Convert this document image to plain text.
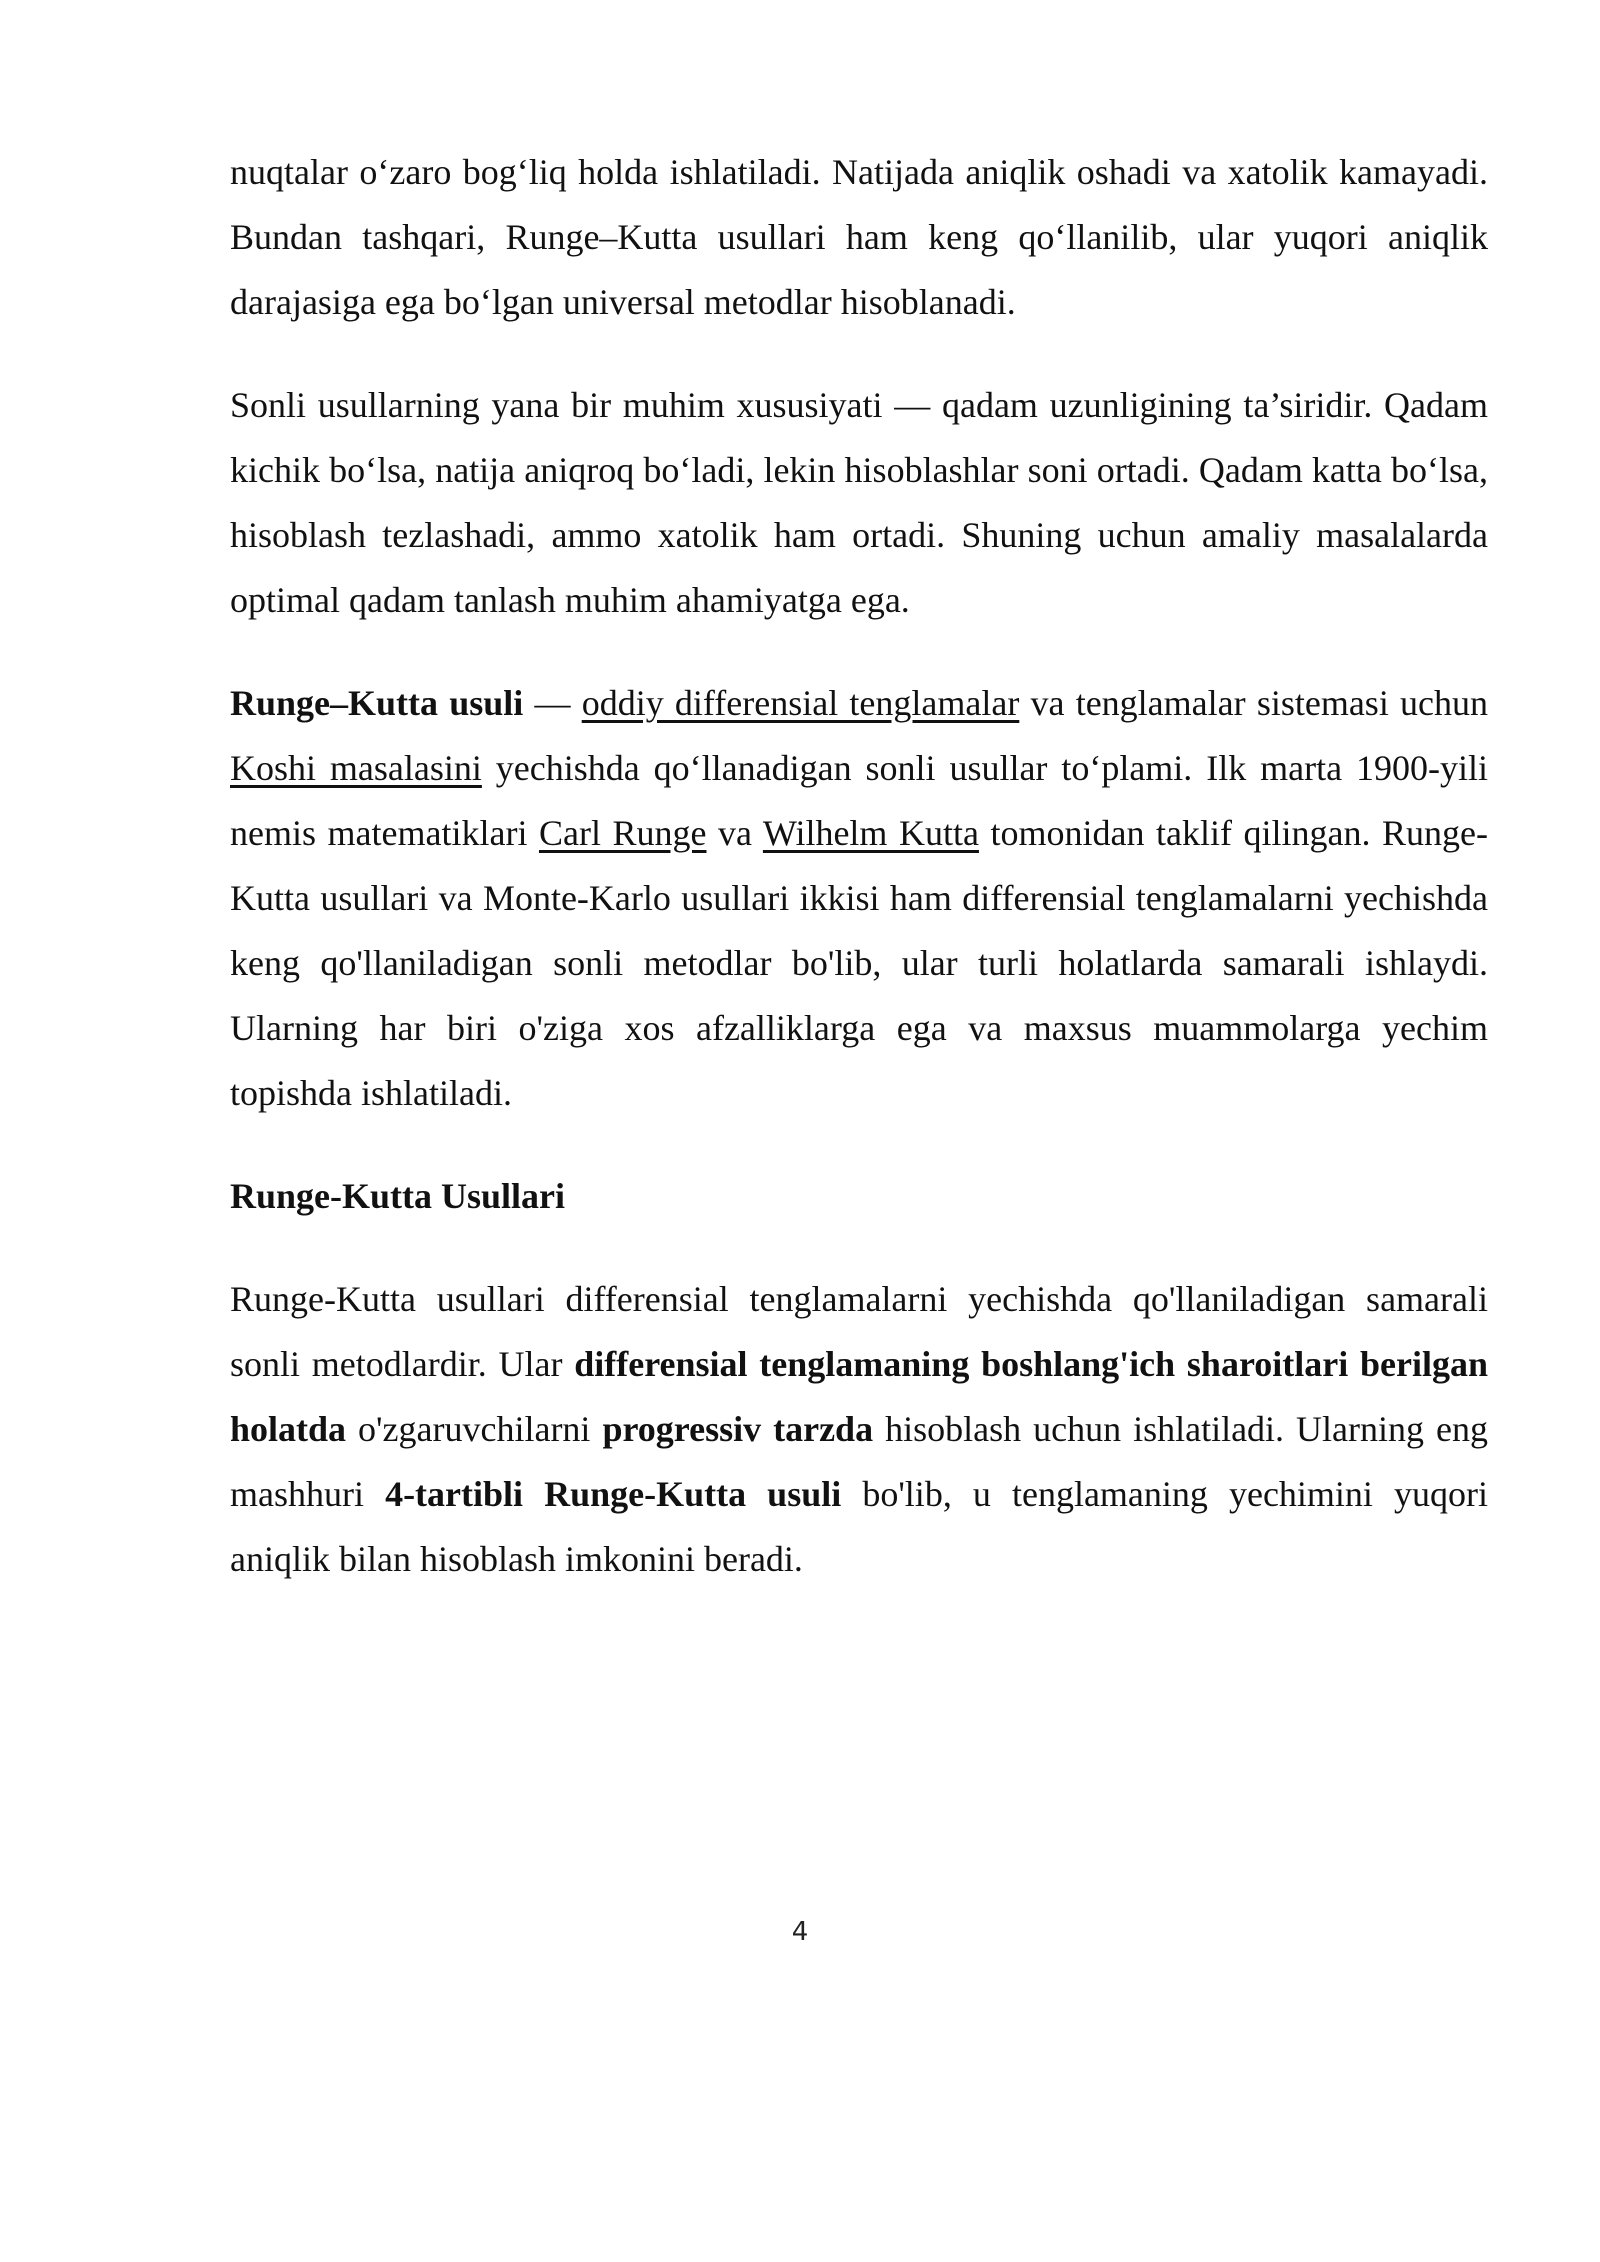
nuqtalar o‘zaro bog‘liq holda ishlatiladi. Natijada aniqlik oshadi va xatolik kamayadi. Bundan tashqari, Runge–Kutta usullari ham keng qo‘llanilib, ular yuqori aniqlik darajasiga ega bo‘lgan universal metodlar hisoblanadi.

Sonli usullarning yana bir muhim xususiyati — qadam uzunligining ta’siridir. Qadam kichik bo‘lsa, natija aniqroq bo‘ladi, lekin hisoblashlar soni ortadi. Qadam katta bo‘lsa, hisoblash tezlashadi, ammo xatolik ham ortadi. Shuning uchun amaliy masalalarda optimal qadam tanlash muhim ahamiyatga ega.

Runge–Kutta usuli — oddiy differensial tenglamalar va tenglamalar sistemasi uchun Koshi masalasini yechishda qo‘llanadigan sonli usullar to‘plami. Ilk marta 1900-yili nemis matematiklari Carl Runge va Wilhelm Kutta tomonidan taklif qilingan. Runge-Kutta usullari va Monte-Karlo usullari ikkisi ham differensial tenglamalarni yechishda keng qo'llaniladigan sonli metodlar bo'lib, ular turli holatlarda samarali ishlaydi. Ularning har biri o'ziga xos afzalliklarga ega va maxsus muammolarga yechim topishda ishlatiladi.

Runge-Kutta Usullari

Runge-Kutta usullari differensial tenglamalarni yechishda qo'llaniladigan samarali sonli metodlardir. Ular differensial tenglamaning boshlang'ich sharoitlari berilgan holatda o'zgaruvchilarni progressiv tarzda hisoblash uchun ishlatiladi. Ularning eng mashhuri 4-tartibli Runge-Kutta usuli bo'lib, u tenglamaning yechimini yuqori aniqlik bilan hisoblash imkonini beradi.

4
